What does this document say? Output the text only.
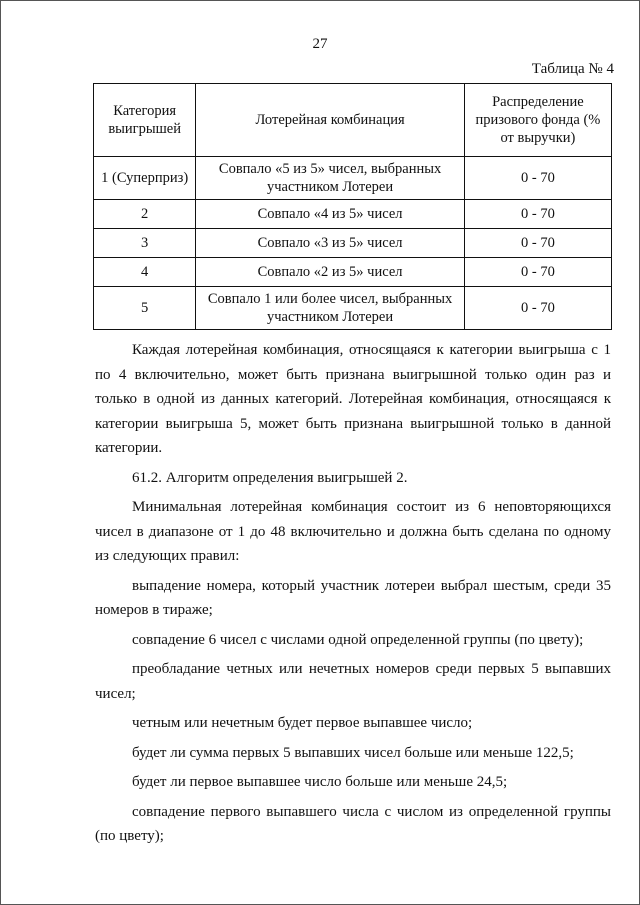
27
Таблица № 4
Категория выигрышей	Лотерейная комбинация	Распределение призового фонда (% от выручки)
1 (Суперприз)	Совпало «5 из 5» чисел, выбранных участником Лотереи	0 - 70
2	Совпало «4 из 5» чисел	0 - 70
3	Совпало «3 из 5» чисел	0 - 70
4	Совпало «2 из 5» чисел	0 - 70
5	Совпало 1 или более чисел, выбранных участником Лотереи	0 - 70

Каждая лотерейная комбинация, относящаяся к категории выигрыша с 1 по 4 включительно, может быть признана выигрышной только один раз и только в одной из данных категорий. Лотерейная комбинация, относящаяся к категории выигрыша 5, может быть признана выигрышной только в данной категории.

61.2. Алгоритм определения выигрышей 2.

Минимальная лотерейная комбинация состоит из 6 неповторяющихся чисел в диапазоне от 1 до 48 включительно и должна быть сделана по одному из следующих правил:

выпадение номера, который участник лотереи выбрал шестым, среди 35 номеров в тираже;

совпадение 6 чисел с числами одной определенной группы (по цвету);

преобладание четных или нечетных номеров среди первых 5 выпавших чисел;

четным или нечетным будет первое выпавшее число;

будет ли сумма первых 5 выпавших чисел больше или меньше 122,5;

будет ли первое выпавшее число больше или меньше 24,5;

совпадение первого выпавшего числа с числом из определенной группы (по цвету);
